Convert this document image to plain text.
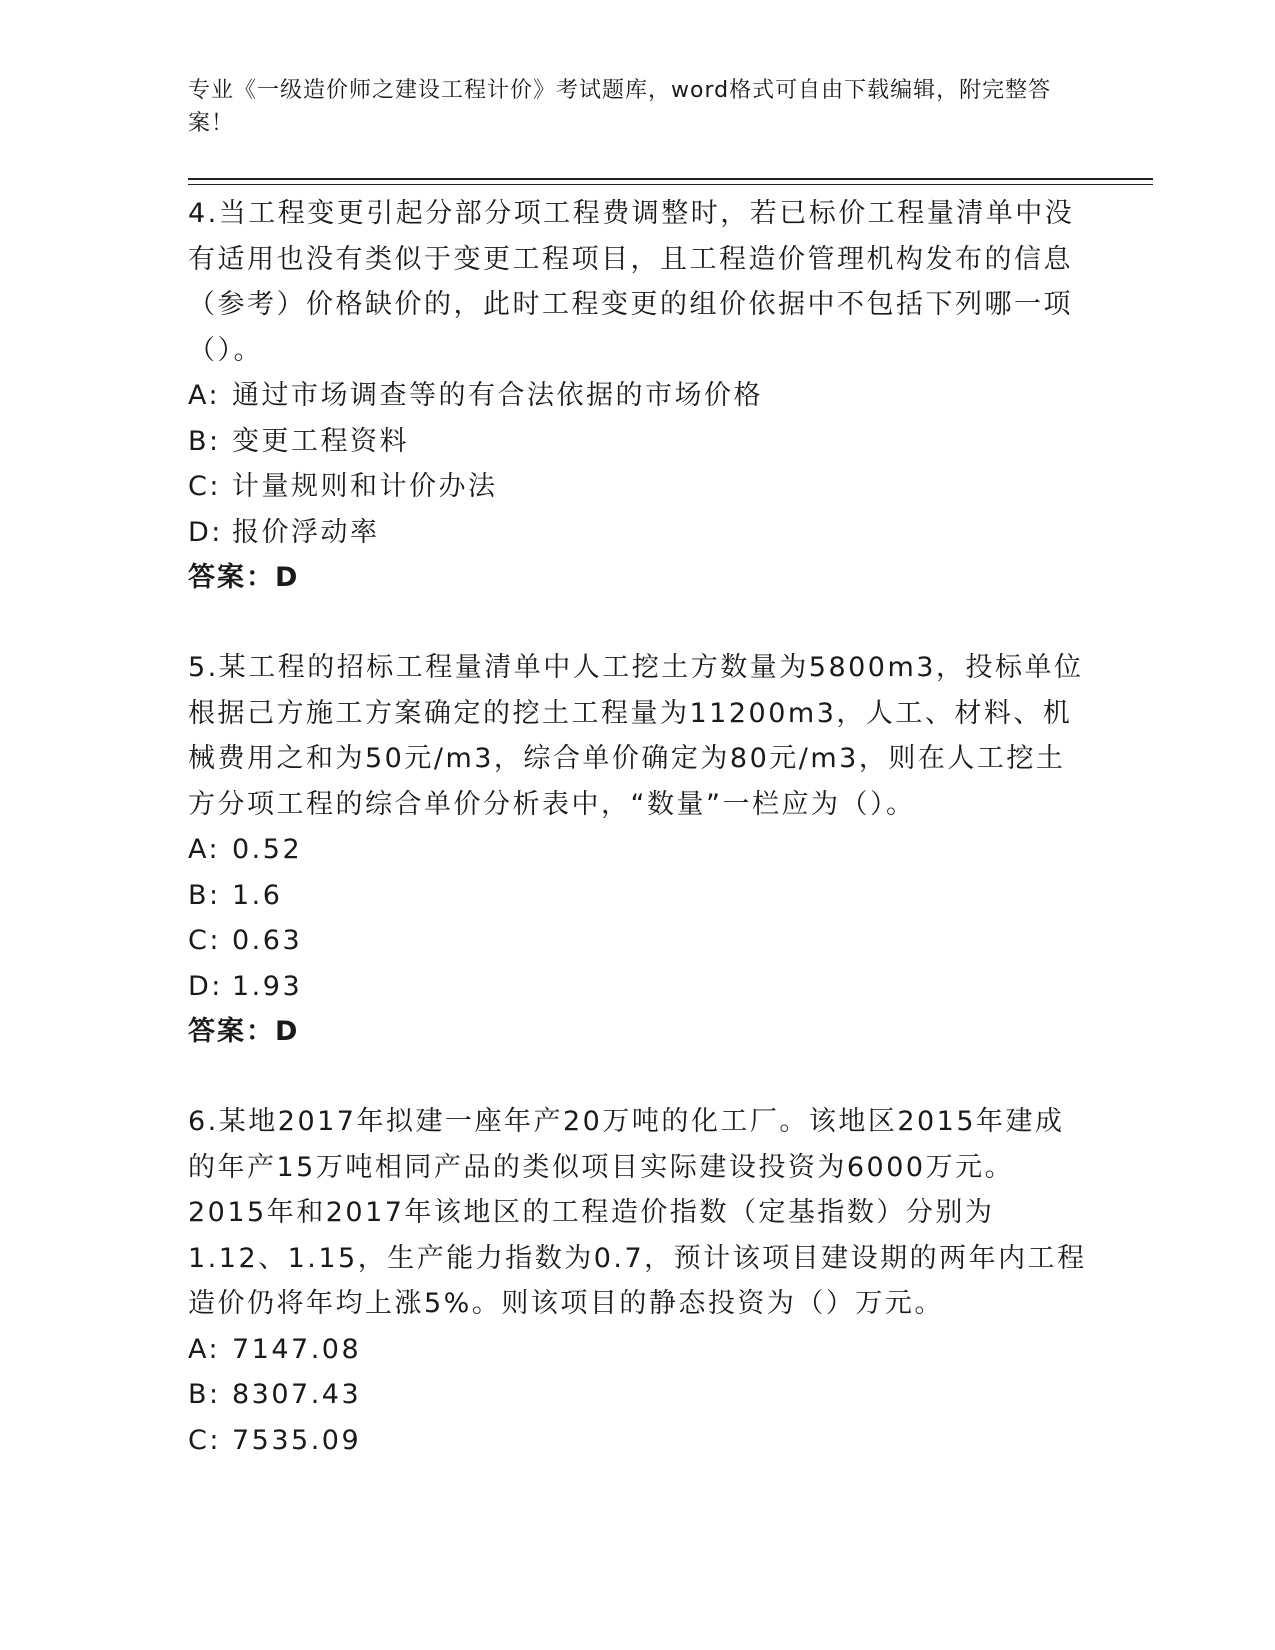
专业《一级造价师之建设工程计价》考试题库，word格式可自由下载编辑，附完整答案！

4.当工程变更引起分部分项工程费调整时，若已标价工程量清单中没有适用也没有类似于变更工程项目，且工程造价管理机构发布的信息（参考）价格缺价的，此时工程变更的组价依据中不包括下列哪一项（）。

A: 通过市场调查等的有合法依据的市场价格

B: 变更工程资料

C: 计量规则和计价办法

D: 报价浮动率

答案：D

5.某工程的招标工程量清单中人工挖土方数量为5800m3，投标单位根据己方施工方案确定的挖土工程量为11200m3，人工、材料、机械费用之和为50元/m3，综合单价确定为80元/m3，则在人工挖土方分项工程的综合单价分析表中，“数量”一栏应为（）。

A: 0.52

B: 1.6

C: 0.63

D: 1.93

答案：D

6.某地2017年拟建一座年产20万吨的化工厂。该地区2015年建成的年产15万吨相同产品的类似项目实际建设投资为6000万元。2015年和2017年该地区的工程造价指数（定基指数）分别为1.12、1.15，生产能力指数为0.7，预计该项目建设期的两年内工程造价仍将年均上涨5%。则该项目的静态投资为（）万元。

A: 7147.08

B: 8307.43

C: 7535.09
